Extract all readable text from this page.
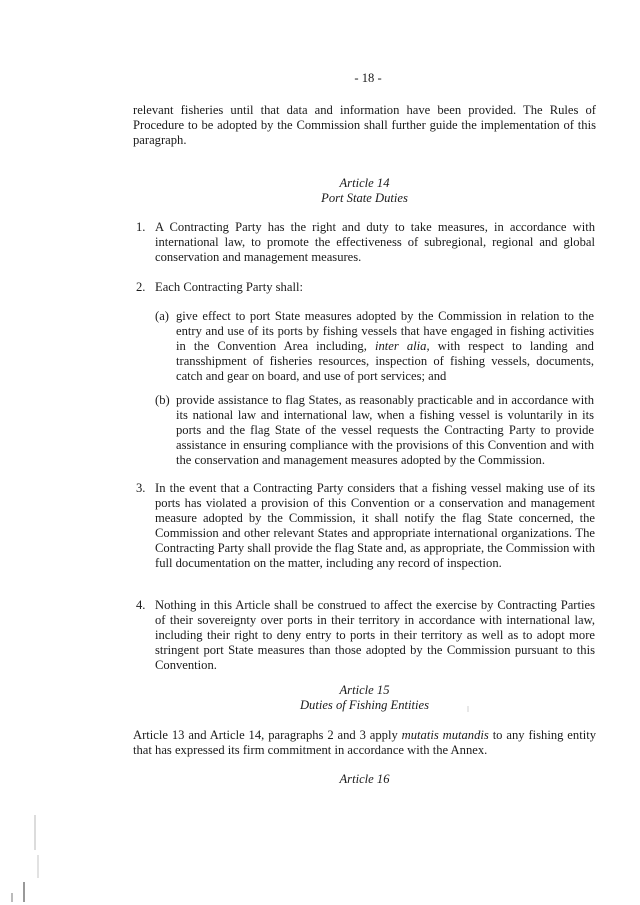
- 18 -

relevant fisheries until that data and information have been provided. The Rules of Procedure to be adopted by the Commission shall further guide the implementation of this paragraph.

Article 14
Port State Duties
1. A Contracting Party has the right and duty to take measures, in accordance with international law, to promote the effectiveness of subregional, regional and global conservation and management measures.

2. Each Contracting Party shall:

(a) give effect to port State measures adopted by the Commission in relation to the entry and use of its ports by fishing vessels that have engaged in fishing activities in the Convention Area including, inter alia, with respect to landing and transshipment of fisheries resources, inspection of fishing vessels, documents, catch and gear on board, and use of port services; and

(b) provide assistance to flag States, as reasonably practicable and in accordance with its national law and international law, when a fishing vessel is voluntarily in its ports and the flag State of the vessel requests the Contracting Party to provide assistance in ensuring compliance with the provisions of this Convention and with the conservation and management measures adopted by the Commission.

3. In the event that a Contracting Party considers that a fishing vessel making use of its ports has violated a provision of this Convention or a conservation and management measure adopted by the Commission, it shall notify the flag State concerned, the Commission and other relevant States and appropriate international organizations. The Contracting Party shall provide the flag State and, as appropriate, the Commission with full documentation on the matter, including any record of inspection.

4. Nothing in this Article shall be construed to affect the exercise by Contracting Parties of their sovereignty over ports in their territory in accordance with international law, including their right to deny entry to ports in their territory as well as to adopt more stringent port State measures than those adopted by the Commission pursuant to this Convention.

Article 15
Duties of Fishing Entities

Article 13 and Article 14, paragraphs 2 and 3 apply mutatis mutandis to any fishing entity that has expressed its firm commitment in accordance with the Annex.

Article 16
